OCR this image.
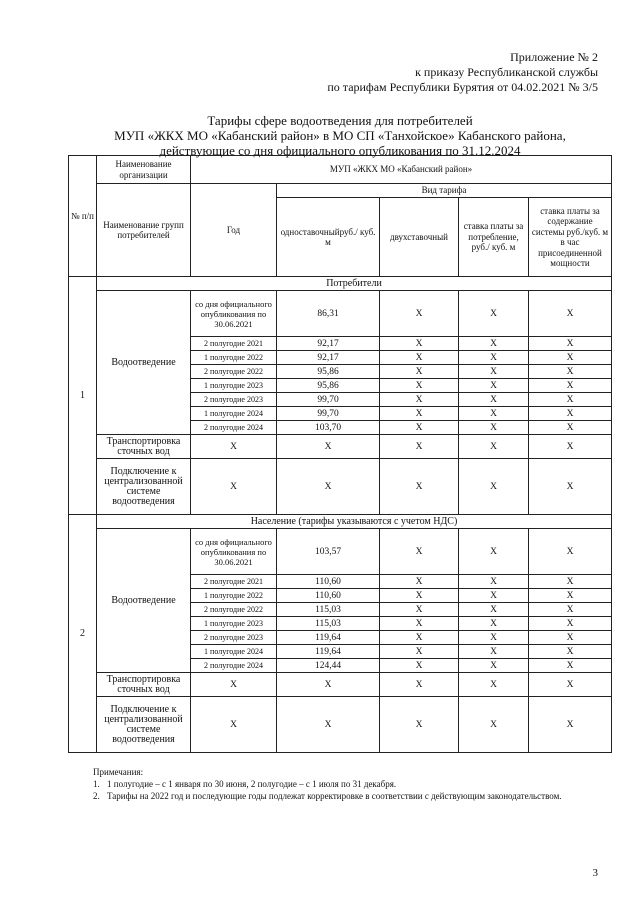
Приложение № 2
к приказу Республиканской службы
по тарифам Республики Бурятия от 04.02.2021 № 3/5
Тарифы сфере водоотведения для потребителей
МУП «ЖКХ МО «Кабанский район» в МО СП «Танхойское» Кабанского района,
действующие со дня официального опубликования по 31.12.2024
№ п/п	Наименование организации	МУП «ЖКХ МО «Кабанский район»				
	Наименование групп потребителей	Год	Вид тарифа			
			одноставочныйруб./ куб. м	двухставочный	ставка платы за потребление, руб./ куб. м	ставка платы за содержание системы руб./куб. м в час присоединенной мощности

1	Потребители					
	Водоотведение	со дня официального опубликования по 30.06.2021	86,31	X	X	X
		2 полугодие 2021	92,17	X	X	X
		1 полугодие 2022	92,17	X	X	X
		2 полугодие 2022	95,86	X	X	X
		1 полугодие 2023	95,86	X	X	X
		2 полугодие 2023	99,70	X	X	X
		1 полугодие 2024	99,70	X	X	X
		2 полугодие 2024	103,70	X	X	X
	Транспортировка сточных вод	X	X	X	X	X
	Подключение к централизованной системе водоотведения	X	X	X	X	X
2	Население (тарифы указываются с учетом НДС)					
	Водоотведение	со дня официального опубликования по 30.06.2021	103,57	X	X	X
		2 полугодие 2021	110,60	X	X	X
		1 полугодие 2022	110,60	X	X	X
		2 полугодие 2022	115,03	X	X	X
		1 полугодие 2023	115,03	X	X	X
		2 полугодие 2023	119,64	X	X	X
		1 полугодие 2024	119,64	X	X	X
		2 полугодие 2024	124,44	X	X	X
	Транспортировка сточных вод	X	X	X	X	X
	Подключение к централизованной системе водоотведения	X	X	X	X	X
Примечания:
1. 1 полугодие – с 1 января по 30 июня, 2 полугодие – с 1 июля по 31 декабря.
2. Тарифы на 2022 год и последующие годы подлежат корректировке в соответствии с действующим законодательством.
3
